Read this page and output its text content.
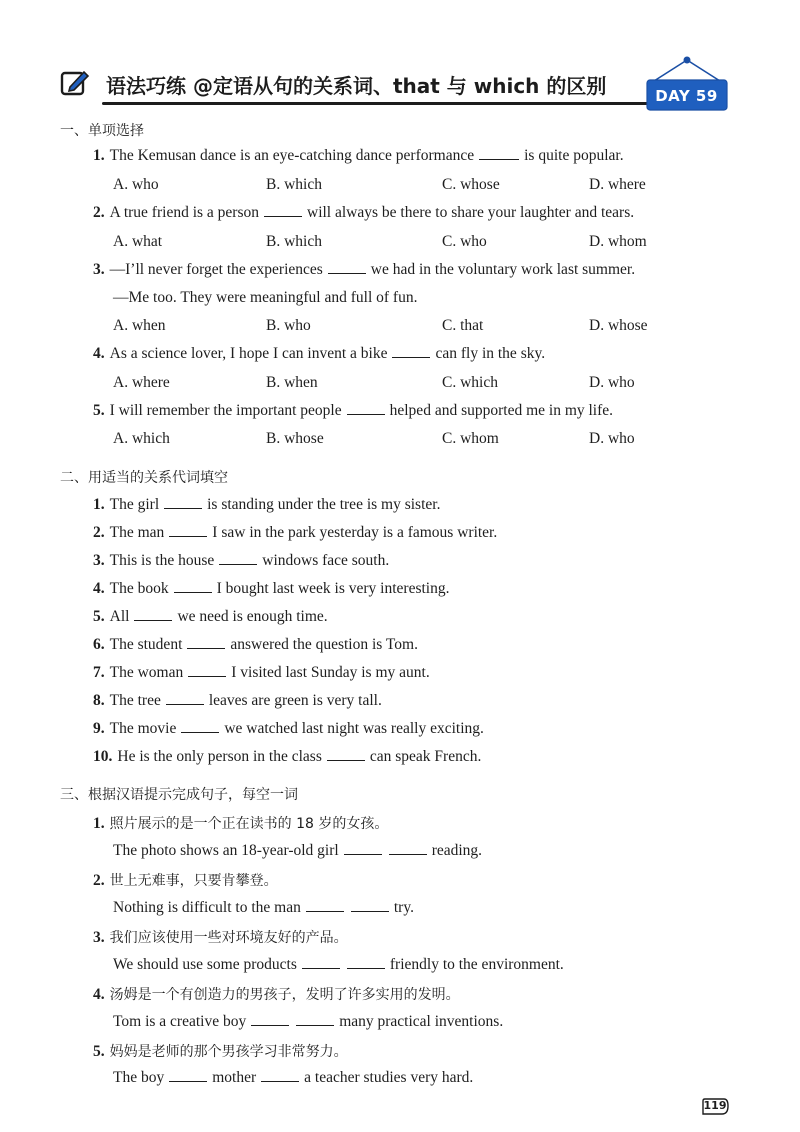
语法巧练 @定语从句的关系词、that 与 which 的区别	DAY 59
一、单项选择
1. The Kemusan dance is an eye-catching dance performance	is quite popular.
A. who	B. which	C. whose	D. where
2. A true friend is a person	will always be there to share your laughter and tears.
A. what	B. which	C. who	D. whom
3. —I’ll never forget the experiences	we had in the voluntary work last summer.
—Me too. They were meaningful and full of fun.
A. when	B. who	C. that	D. whose
4. As a science lover, I hope I can invent a bike	can fly in the sky.
A. where	B. when	C. which	D. who
5. I will remember the important people	helped and supported me in my life.
A. which	B. whose	C. whom	D. who
二、用适当的关系代词填空
1. The girl	is standing under the tree is my sister.
2. The man	I saw in the park yesterday is a famous writer.
3. This is the house	windows face south.
4. The book	I bought last week is very interesting.
5. All	we need is enough time.
6. The student	answered the question is Tom.
7. The woman	I visited last Sunday is my aunt.
8. The tree	leaves are green is very tall.
9. The movie	we watched last night was really exciting.
10. He is the only person in the class	can speak French.
三、根据汉语提示完成句子，每空一词
1. 照片展示的是一个正在读书的 18 岁的女孩。
The photo shows an 18-year-old girl	reading.
2. 世上无难事，只要肯攀登。
Nothing is difficult to the man	try.
3. 我们应该使用一些对环境友好的产品。
We should use some products	friendly to the environment.
4. 汤姆是一个有创造力的男孩子，发明了许多实用的发明。
Tom is a creative boy	many practical inventions.
5. 妈妈是老师的那个男孩学习非常努力。
The boy	mother	a teacher studies very hard.
119
